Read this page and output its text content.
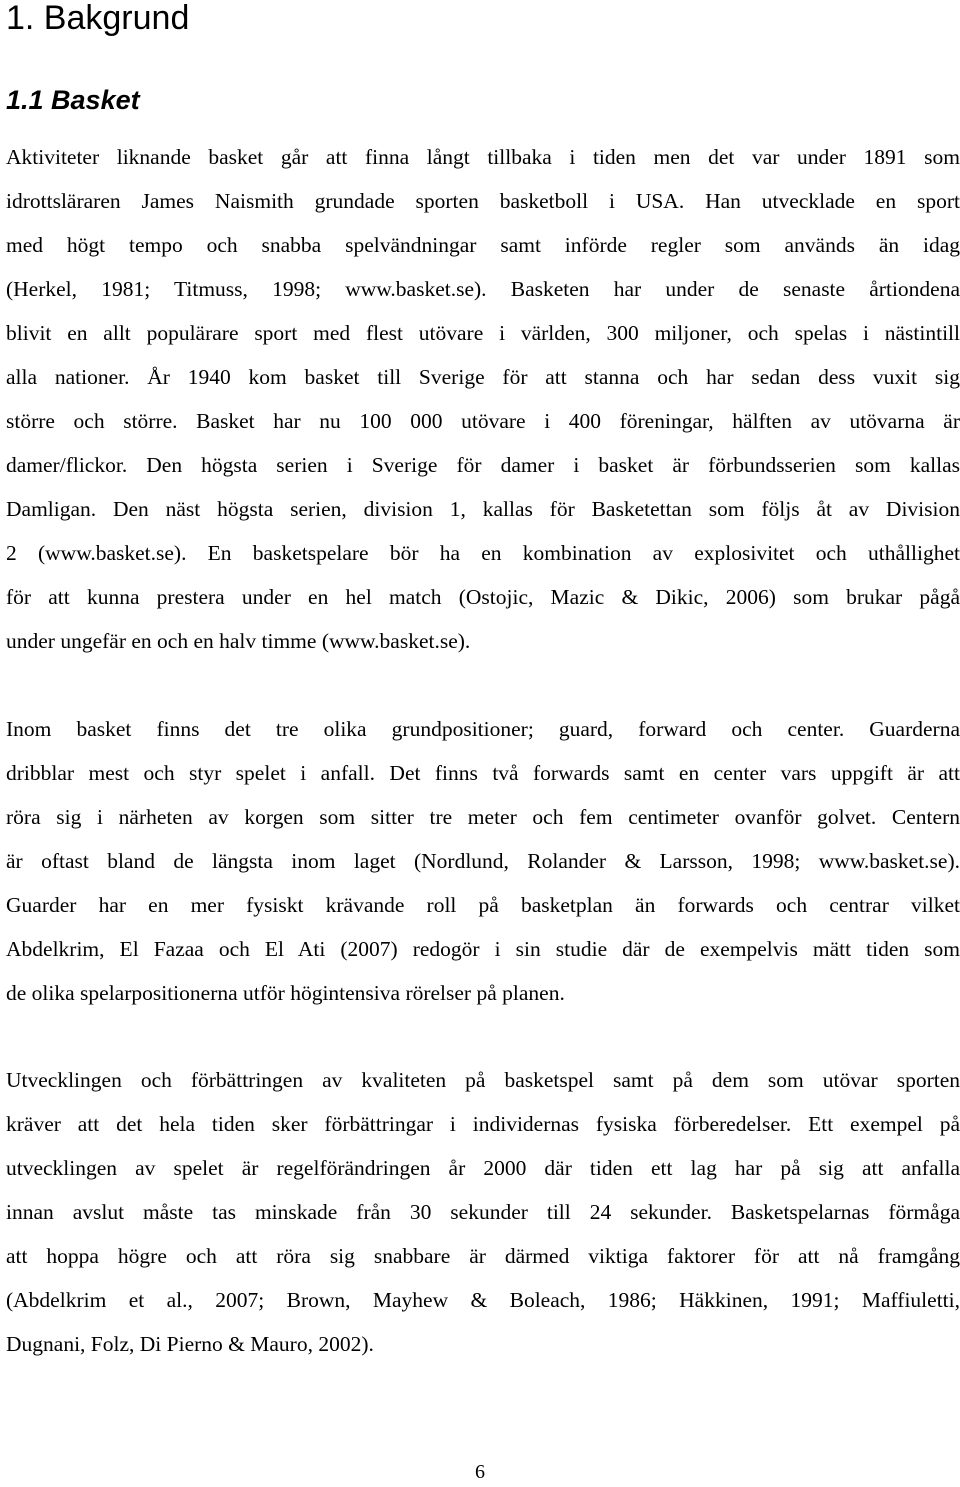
1. Bakgrund
1.1 Basket
Aktiviteter liknande basket går att finna långt tillbaka i tiden men det var under 1891 som
idrottsläraren James Naismith grundade sporten basketboll i USA. Han utvecklade en sport
med högt tempo och snabba spelvändningar samt införde regler som används än idag
(Herkel, 1981; Titmuss, 1998; www.basket.se). Basketen har under de senaste årtiondena
blivit en allt populärare sport med flest utövare i världen, 300 miljoner, och spelas i nästintill
alla nationer. År 1940 kom basket till Sverige för att stanna och har sedan dess vuxit sig
större och större. Basket har nu 100 000 utövare i 400 föreningar, hälften av utövarna är
damer/flickor. Den högsta serien i Sverige för damer i basket är förbundsserien som kallas
Damligan. Den näst högsta serien, division 1, kallas för Basketettan som följs åt av Division
2 (www.basket.se). En basketspelare bör ha en kombination av explosivitet och uthållighet
för att kunna prestera under en hel match (Ostojic, Mazic & Dikic, 2006) som brukar pågå
under ungefär en och en halv timme (www.basket.se).
Inom basket finns det tre olika grundpositioner; guard, forward och center. Guarderna
dribblar mest och styr spelet i anfall. Det finns två forwards samt en center vars uppgift är att
röra sig i närheten av korgen som sitter tre meter och fem centimeter ovanför golvet. Centern
är oftast bland de längsta inom laget (Nordlund, Rolander & Larsson, 1998; www.basket.se).
Guarder har en mer fysiskt krävande roll på basketplan än forwards och centrar vilket
Abdelkrim, El Fazaa och El Ati (2007) redogör i sin studie där de exempelvis mätt tiden som
de olika spelarpositionerna utför högintensiva rörelser på planen.
Utvecklingen och förbättringen av kvaliteten på basketspel samt på dem som utövar sporten
kräver att det hela tiden sker förbättringar i individernas fysiska förberedelser. Ett exempel på
utvecklingen av spelet är regelförändringen år 2000 där tiden ett lag har på sig att anfalla
innan avslut måste tas minskade från 30 sekunder till 24 sekunder. Basketspelarnas förmåga
att hoppa högre och att röra sig snabbare är därmed viktiga faktorer för att nå framgång
(Abdelkrim et al., 2007; Brown, Mayhew & Boleach, 1986; Häkkinen, 1991; Maffiuletti,
Dugnani, Folz, Di Pierno & Mauro, 2002).
6
